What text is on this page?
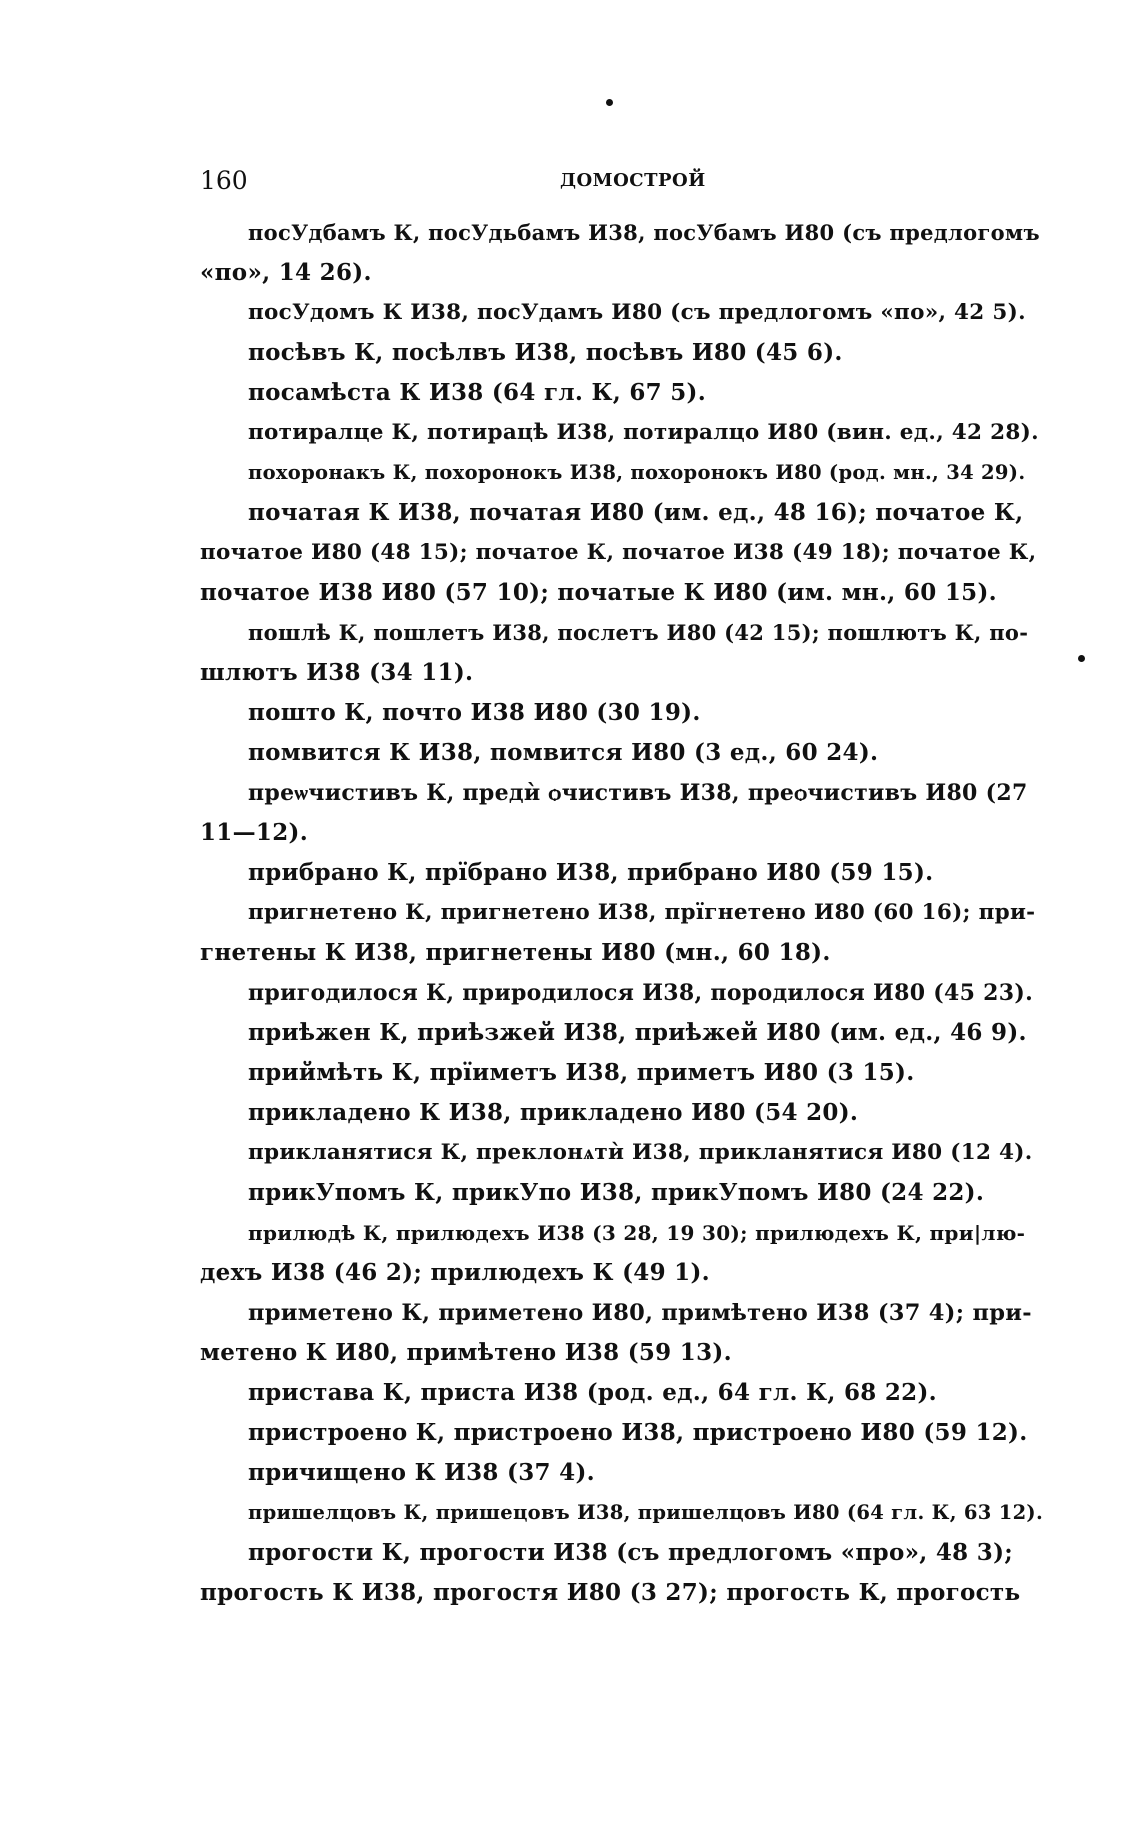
160	ДОМОСТРОЙ
посУдбамъ К, посУдьбамъ И38, посУбамъ И80 (съ предлогомъ
«по», 14 26).
посУдомъ К И38, посУдамъ И80 (съ предлогомъ «по», 42 5).
посѣвъ К, посѣлвъ И38, посѣвъ И80 (45 6).
посамѣста К И38 (64 гл. К, 67 5).
потиралце К, потирацѣ И38, потиралцо И80 (вин. ед., 42 28).
похоронакъ К, похоронокъ И38, похоронокъ И80 (род. мн., 34 29).
початая К И38, початая И80 (им. ед., 48 16); початое К,
початое И80 (48 15); початое К, початое И38 (49 18); початое К,
початое И38 И80 (57 10); початые К И80 (им. мн., 60 15).
пошлѣ К, пошлетъ И38, послетъ И80 (42 15); пошлютъ К, по-
шлютъ И38 (34 11).
пошто К, почто И38 И80 (30 19).
помвится К И38, помвится И80 (3 ед., 60 24).
преѡчистивъ К, предѝ ѻчистивъ И38, преѻчистивъ И80 (27
11—12).
прибрано К, прїбрано И38, прибрано И80 (59 15).
пригнетено К, пригнетено И38, прїгнетено И80 (60 16); при-
гнетены К И38, пригнетены И80 (мн., 60 18).
пригодилося К, природилося И38, породилося И80 (45 23).
приѣжен К, приѣзжей И38, приѣжей И80 (им. ед., 46 9).
приймѣть К, прїиметъ И38, приметъ И80 (3 15).
прикладено К И38, прикладено И80 (54 20).
прикланятися К, преклонѧтѝ И38, прикланятися И80 (12 4).
прикУпомъ К, прикУпо И38, прикУпомъ И80 (24 22).
прилюдѣ К, прилюдехъ И38 (3 28, 19 30); прилюдехъ К, при|лю-
дехъ И38 (46 2); прилюдехъ К (49 1).
приметено К, приметено И80, примѣтено И38 (37 4); при-
метено К И80, примѣтено И38 (59 13).
пристава К, приста И38 (род. ед., 64 гл. К, 68 22).
пристроено К, пристроено И38, пристроено И80 (59 12).
причищено К И38 (37 4).
пришелцовъ К, пришецовъ И38, пришелцовъ И80 (64 гл. К, 63 12).
прогости К, прогости И38 (съ предлогомъ «про», 48 3);
прогость К И38, прогостя И80 (3 27); прогость К, прогость
